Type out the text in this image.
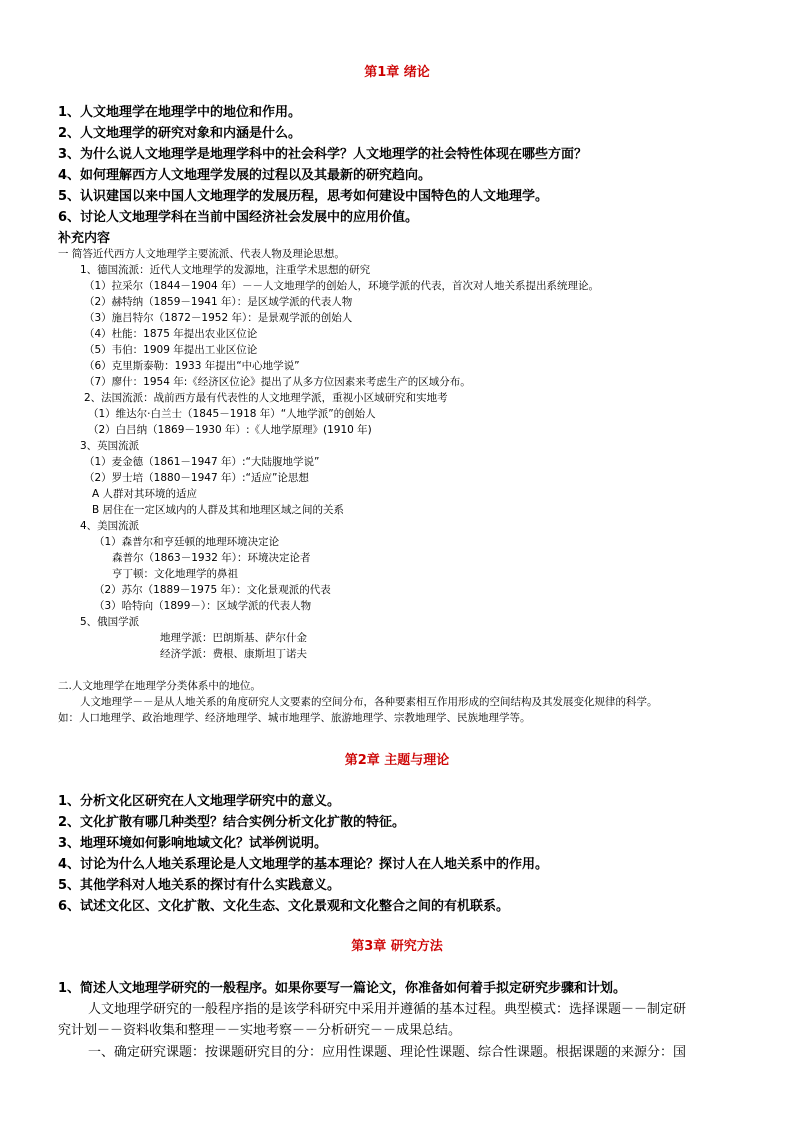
第1章 绪论
1、人文地理学在地理学中的地位和作用。
2、人文地理学的研究对象和内涵是什么。
3、为什么说人文地理学是地理学科中的社会科学？人文地理学的社会特性体现在哪些方面？
4、如何理解西方人文地理学发展的过程以及其最新的研究趋向。
5、认识建国以来中国人文地理学的发展历程，思考如何建设中国特色的人文地理学。
6、讨论人文地理学科在当前中国经济社会发展中的应用价值。
补充内容
一 简答近代西方人文地理学主要流派、代表人物及理论思想。
1、德国流派：近代人文地理学的发源地，注重学术思想的研究
（1）拉采尔（1844－1904 年）－－人文地理学的创始人，环境学派的代表，首次对人地关系提出系统理论。
（2）赫特纳（1859－1941 年）：是区域学派的代表人物
（3）施吕特尔（1872－1952 年）：是景观学派的创始人
（4）杜能：1875 年提出农业区位论
（5）韦伯：1909 年提出工业区位论
（6）克里斯泰勒：1933 年提出“中心地学说”
（7）廖什：1954 年:《经济区位论》提出了从多方位因素来考虑生产的区域分布。
2、法国流派：战前西方最有代表性的人文地理学派，重视小区域研究和实地考
（1）维达尔·白兰士（1845－1918 年）“人地学派”的创始人
（2）白吕纳（1869－1930 年）:《人地学原理》(1910 年)
3、英国流派
（1）麦金德（1861－1947 年）:“大陆腹地学说”
（2）罗士培（1880－1947 年）:“适应”论思想
A 人群对其环境的适应
B 居住在一定区域内的人群及其和地理区域之间的关系
4、美国流派
（1）森普尔和亨廷顿的地理环境决定论
森普尔（1863－1932 年）：环境决定论者
亨丁顿：文化地理学的鼻祖
（2）苏尔（1889－1975 年）：文化景观派的代表
（3）哈特向（1899－）：区域学派的代表人物
5、俄国学派
地理学派：巴朗斯基、萨尔什金
经济学派：费根、康斯坦丁诺夫
二.人文地理学在地理学分类体系中的地位。
人文地理学－－是从人地关系的角度研究人文要素的空间分布，各种要素相互作用形成的空间结构及其发展变化规律的科学。
如：人口地理学、政治地理学、经济地理学、城市地理学、旅游地理学、宗教地理学、民族地理学等。
第2章 主题与理论
1、分析文化区研究在人文地理学研究中的意义。
2、文化扩散有哪几种类型？结合实例分析文化扩散的特征。
3、地理环境如何影响地域文化？试举例说明。
4、讨论为什么人地关系理论是人文地理学的基本理论？探讨人在人地关系中的作用。
5、其他学科对人地关系的探讨有什么实践意义。
6、试述文化区、文化扩散、文化生态、文化景观和文化整合之间的有机联系。
第3章 研究方法
1、简述人文地理学研究的一般程序。如果你要写一篇论文，你准备如何着手拟定研究步骤和计划。
人文地理学研究的一般程序指的是该学科研究中采用并遵循的基本过程。典型模式：选择课题－－制定研
究计划－－资料收集和整理－－实地考察－－分析研究－－成果总结。
一、确定研究课题：按课题研究目的分：应用性课题、理论性课题、综合性课题。根据课题的来源分：国
